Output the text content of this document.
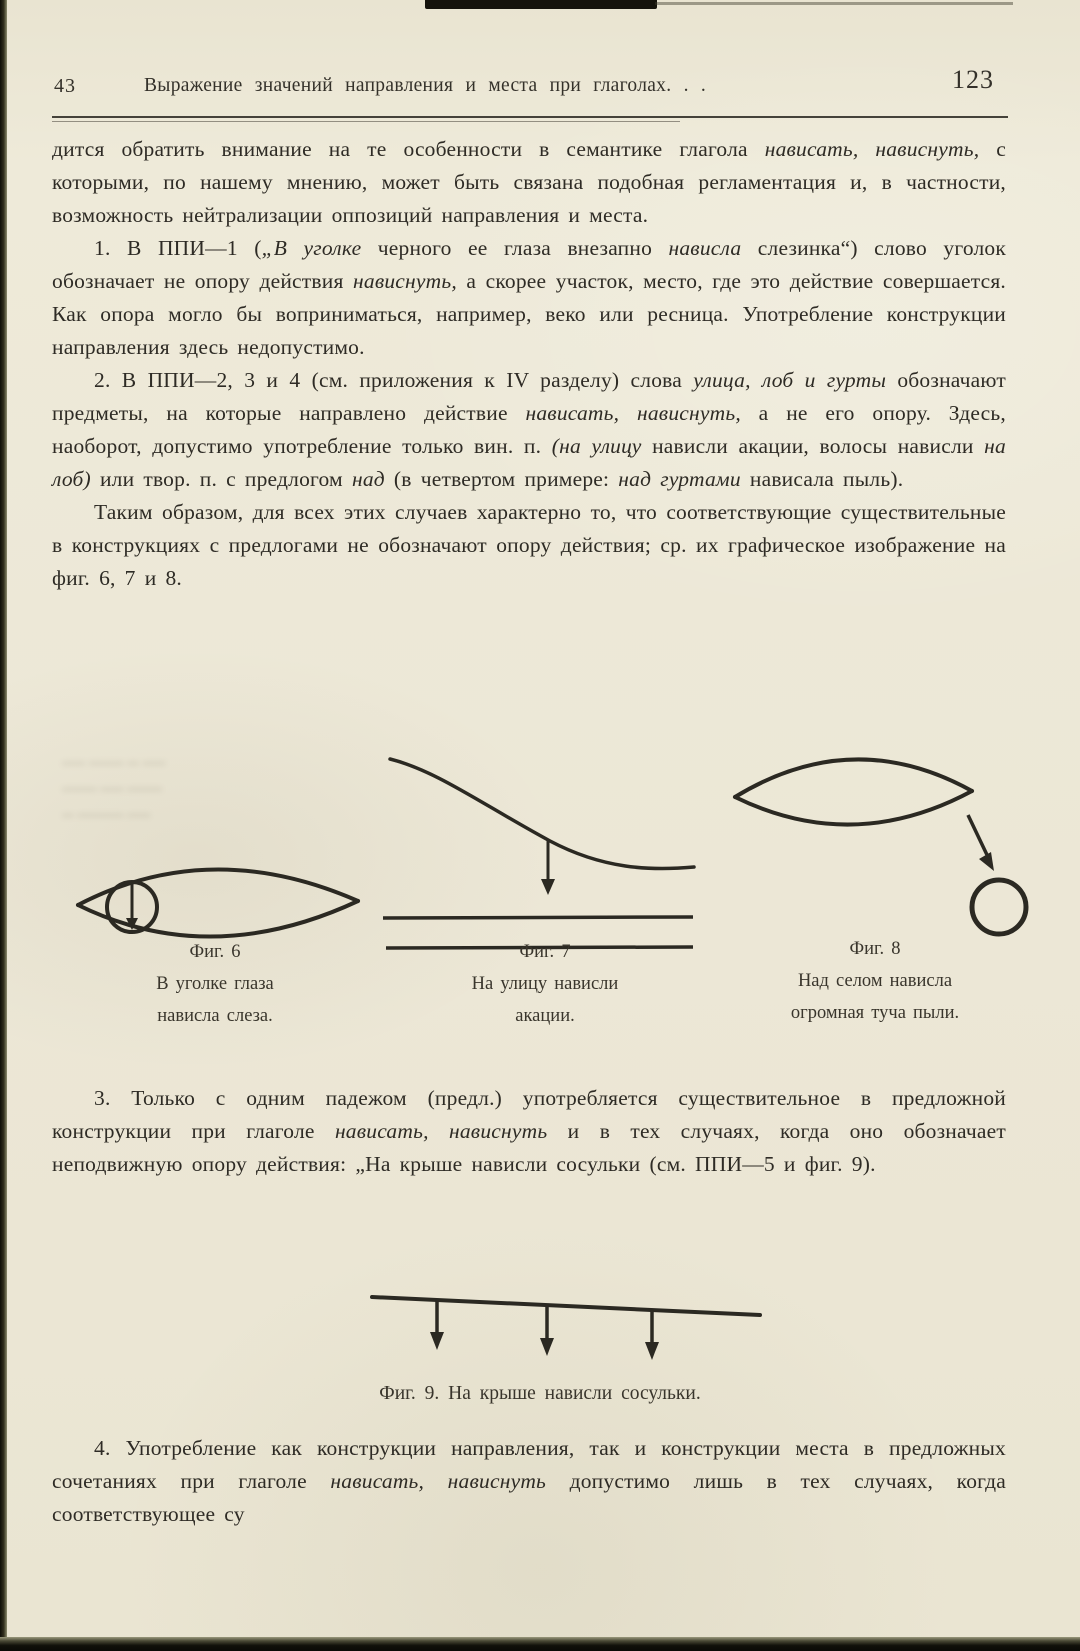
43	Выражение значений направления и места при глаголах. . .	123

дится обратить внимание на те особенности в семантике глагола нависать, нависнуть, с которыми, по нашему мнению, может быть связана подобная регламентация и, в частности, возможность нейтрализации оппозиций направления и места.

1. В ППИ—1 („В уголке черного ее глаза внезапно нависла слезинка“) слово уголок обозначает не опору действия нависнуть, а скорее участок, место, где это действие совершается. Как опора могло бы воприниматься, например, веко или ресница. Употребление конструкции направления здесь недопустимо.

2. В ППИ—2, 3 и 4 (см. приложения к IV разделу) слова улица, лоб и гурты обозначают предметы, на которые направлено действие нависать, нависнуть, а не его опору. Здесь, наоборот, допустимо употребление только вин. п. (на улицу нависли акации, волосы нависли на лоб) или твор. п. с предлогом над (в четвертом примере: над гуртами нависала пыль).

Таким образом, для всех этих случаев характерно то, что соответствующие существительные в конструкциях с предлогами не обозначают опору действия; ср. их графическое изображение на фиг. 6, 7 и 8.

▂▂ ▂▂▂ ▂ ▂▂
▂▂▂ ▂▂ ▂▂▂
▂ ▂▂▂▂ ▂▂
Фиг. 6
В уголке глаза
нависла слеза.
Фиг. 7
На улицу нависли
акации.
Фиг. 8
Над селом нависла
огромная туча пыли.

3. Только с одним падежом (предл.) употребляется существительное в предложной конструкции при глаголе нависать, нависнуть и в тех случаях, когда оно обозначает неподвижную опору действия: „На крыше нависли сосульки (см. ППИ—5 и фиг. 9).

Фиг. 9. На крыше нависли сосульки.

4. Употребление как конструкции направления, так и конструкции места в предложных сочетаниях при глаголе нависать, нависнуть допустимо лишь в тех случаях, когда соответствующее су
